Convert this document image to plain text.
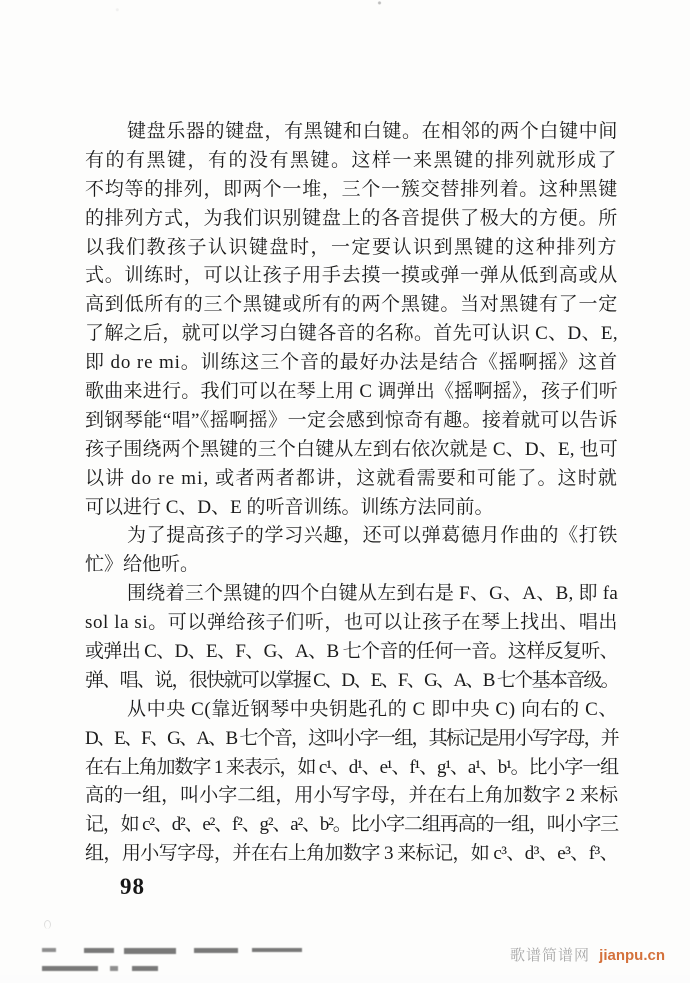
键盘乐器的键盘，有黑键和白键。在相邻的两个白键中间
有的有黑键，有的没有黑键。这样一来黑键的排列就形成了
不均等的排列，即两个一堆，三个一簇交替排列着。这种黑键
的排列方式，为我们识别键盘上的各音提供了极大的方便。所
以我们教孩子认识键盘时，一定要认识到黑键的这种排列方
式。训练时，可以让孩子用手去摸一摸或弹一弹从低到高或从
高到低所有的三个黑键或所有的两个黑键。当对黑键有了一定
了解之后，就可以学习白键各音的名称。首先可认识 C、D、E,
即 do re mi。训练这三个音的最好办法是结合《摇啊摇》这首
歌曲来进行。我们可以在琴上用 C 调弹出《摇啊摇》，孩子们听
到钢琴能“唱”《摇啊摇》一定会感到惊奇有趣。接着就可以告诉
孩子围绕两个黑键的三个白键从左到右依次就是 C、D、E, 也可
以讲 do re mi, 或者两者都讲，这就看需要和可能了。这时就
可以进行 C、D、E 的听音训练。训练方法同前。
为了提高孩子的学习兴趣，还可以弹葛德月作曲的《打铁
忙》给他听。
围绕着三个黑键的四个白键从左到右是 F、G、A、B, 即 fa
sol la si。可以弹给孩子们听，也可以让孩子在琴上找出、唱出
或弹出 C、D、E、F、G、A、B 七个音的任何一音。这样反复听、
弹、唱、说，很快就可以掌握 C、D、E、F、G、A、B 七个基本音级。
从中央 C(靠近钢琴中央钥匙孔的 C 即中央 C) 向右的 C、
D、E、F、G、A、B 七个音，这叫小字一组，其标记是用小写字母，并
在右上角加数字 1 来表示，如 c¹、d¹、e¹、f¹、g¹、a¹、b¹。比小字一组
高的一组，叫小字二组，用小写字母，并在右上角加数字 2 来标
记，如 c²、d²、e²、f²、g²、a²、b²。比小字二组再高的一组，叫小字三
组，用小写字母，并在右上角加数字 3 来标记，如 c³、d³、e³、f³、
98
歌谱简谱网 jianpu.cn
